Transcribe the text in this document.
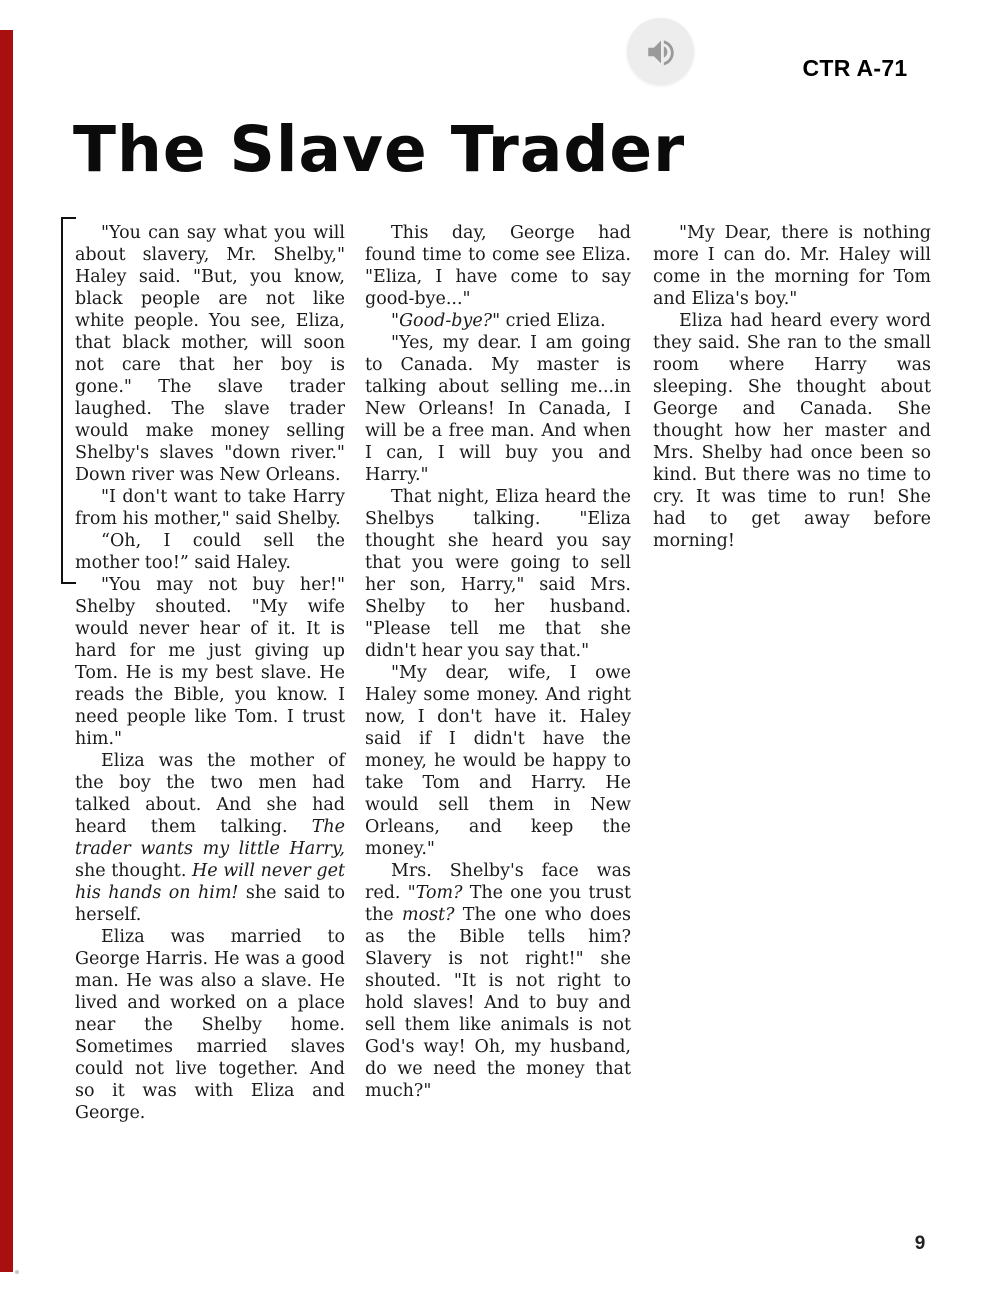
CTR A-71
The Slave Trader

"You can say what you will about slavery, Mr. Shelby," Haley said. "But, you know, black people are not like white people. You see, Eliza, that black mother, will soon not care that her boy is gone." The slave trader laughed. The slave trader would make money selling Shelby's slaves "down river." Down river was New Orleans.

"I don't want to take Harry from his mother," said Shelby.

“Oh, I could sell the mother too!” said Haley.

"You may not buy her!" Shelby shouted. "My wife would never hear of it. It is hard for me just giving up Tom. He is my best slave. He reads the Bible, you know. I need people like Tom. I trust him."

Eliza was the mother of the boy the two men had talked about. And she had heard them talking. The trader wants my little Harry, she thought. He will never get his hands on him! she said to herself.

Eliza was married to George Harris. He was a good man. He was also a slave. He lived and worked on a place near the Shelby home. Sometimes married slaves could not live together. And so it was with Eliza and George.

This day, George had found time to come see Eliza. "Eliza, I have come to say good-bye..."

"Good-bye?" cried Eliza.

"Yes, my dear. I am going to Canada. My master is talking about selling me...in New Orleans! In Canada, I will be a free man. And when I can, I will buy you and Harry."

That night, Eliza heard the Shelbys talking. "Eliza thought she heard you say that you were going to sell her son, Harry," said Mrs. Shelby to her husband. "Please tell me that she didn't hear you say that."

"My dear, wife, I owe Haley some money. And right now, I don't have it. Haley said if I didn't have the money, he would be happy to take Tom and Harry. He would sell them in New Orleans, and keep the money."

Mrs. Shelby's face was red. "Tom? The one you trust the most? The one who does as the Bible tells him? Slavery is not right!" she shouted. "It is not right to hold slaves! And to buy and sell them like animals is not God's way! Oh, my husband, do we need the money that much?"

"My Dear, there is nothing more I can do. Mr. Haley will come in the morning for Tom and Eliza's boy."

Eliza had heard every word they said. She ran to the small room where Harry was sleeping. She thought about George and Canada. She thought how her master and Mrs. Shelby had once been so kind. But there was no time to cry. It was time to run! She had to get away before morning!

9
